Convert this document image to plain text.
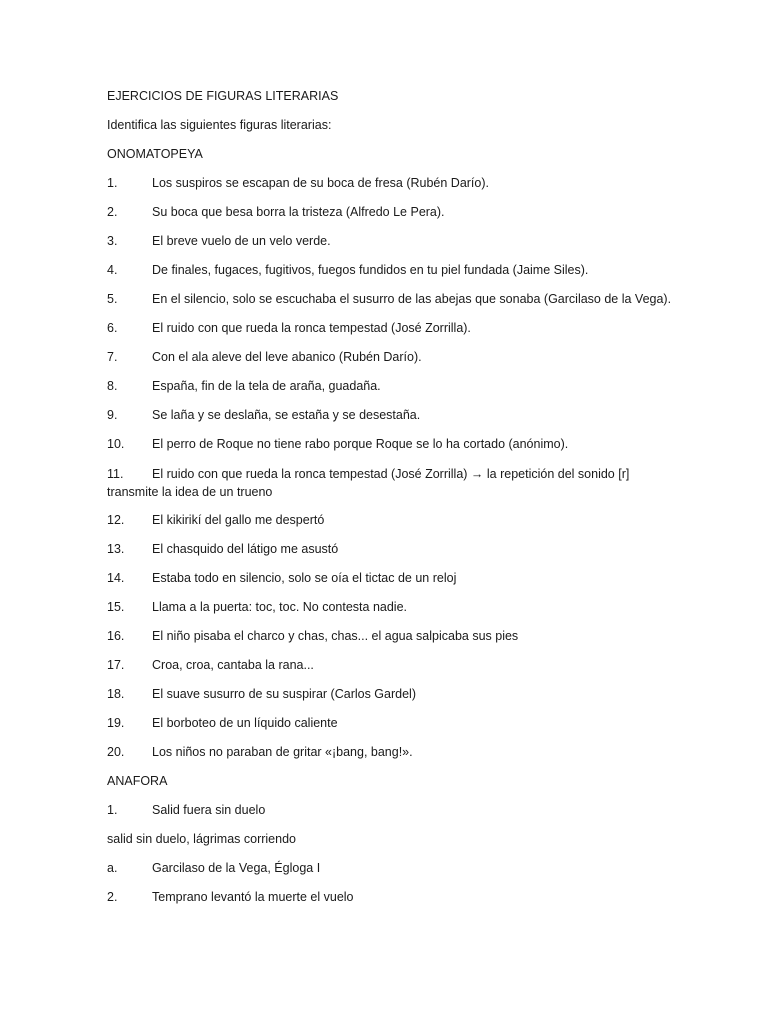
EJERCICIOS DE FIGURAS LITERARIAS
Identifica las siguientes figuras literarias:
ONOMATOPEYA
1.	Los suspiros se escapan de su boca de fresa (Rubén Darío).
2.	Su boca que besa borra la tristeza (Alfredo Le Pera).
3.	El breve vuelo de un velo verde.
4.	De finales, fugaces, fugitivos, fuegos fundidos en tu piel fundada (Jaime Siles).
5.	En el silencio, solo se escuchaba el susurro de las abejas que sonaba (Garcilaso de la Vega).
6.	El ruido con que rueda la ronca tempestad (José Zorrilla).
7.	Con el ala aleve del leve abanico (Rubén Darío).
8.	España, fin de la tela de araña, guadaña.
9.	Se laña y se deslaña, se estaña y se desestaña.
10.	El perro de Roque no tiene rabo porque Roque se lo ha cortado (anónimo).
11. El ruido con que rueda la ronca tempestad (José Zorrilla) → la repetición del sonido [r] transmite la idea de un trueno
12.	El kikirikí del gallo me despertó
13.	El chasquido del látigo me asustó
14.	Estaba todo en silencio, solo se oía el tictac de un reloj
15.	Llama a la puerta: toc, toc. No contesta nadie.
16.	El niño pisaba el charco y chas, chas... el agua salpicaba sus pies
17.	Croa, croa, cantaba la rana...
18.	El suave susurro de su suspirar (Carlos Gardel)
19.	El borboteo de un líquido caliente
20.	Los niños no paraban de gritar «¡bang, bang!».
ANAFORA
1.	Salid fuera sin duelo
salid sin duelo, lágrimas corriendo
a.	Garcilaso de la Vega, Égloga I
2.	Temprano levantó la muerte el vuelo
